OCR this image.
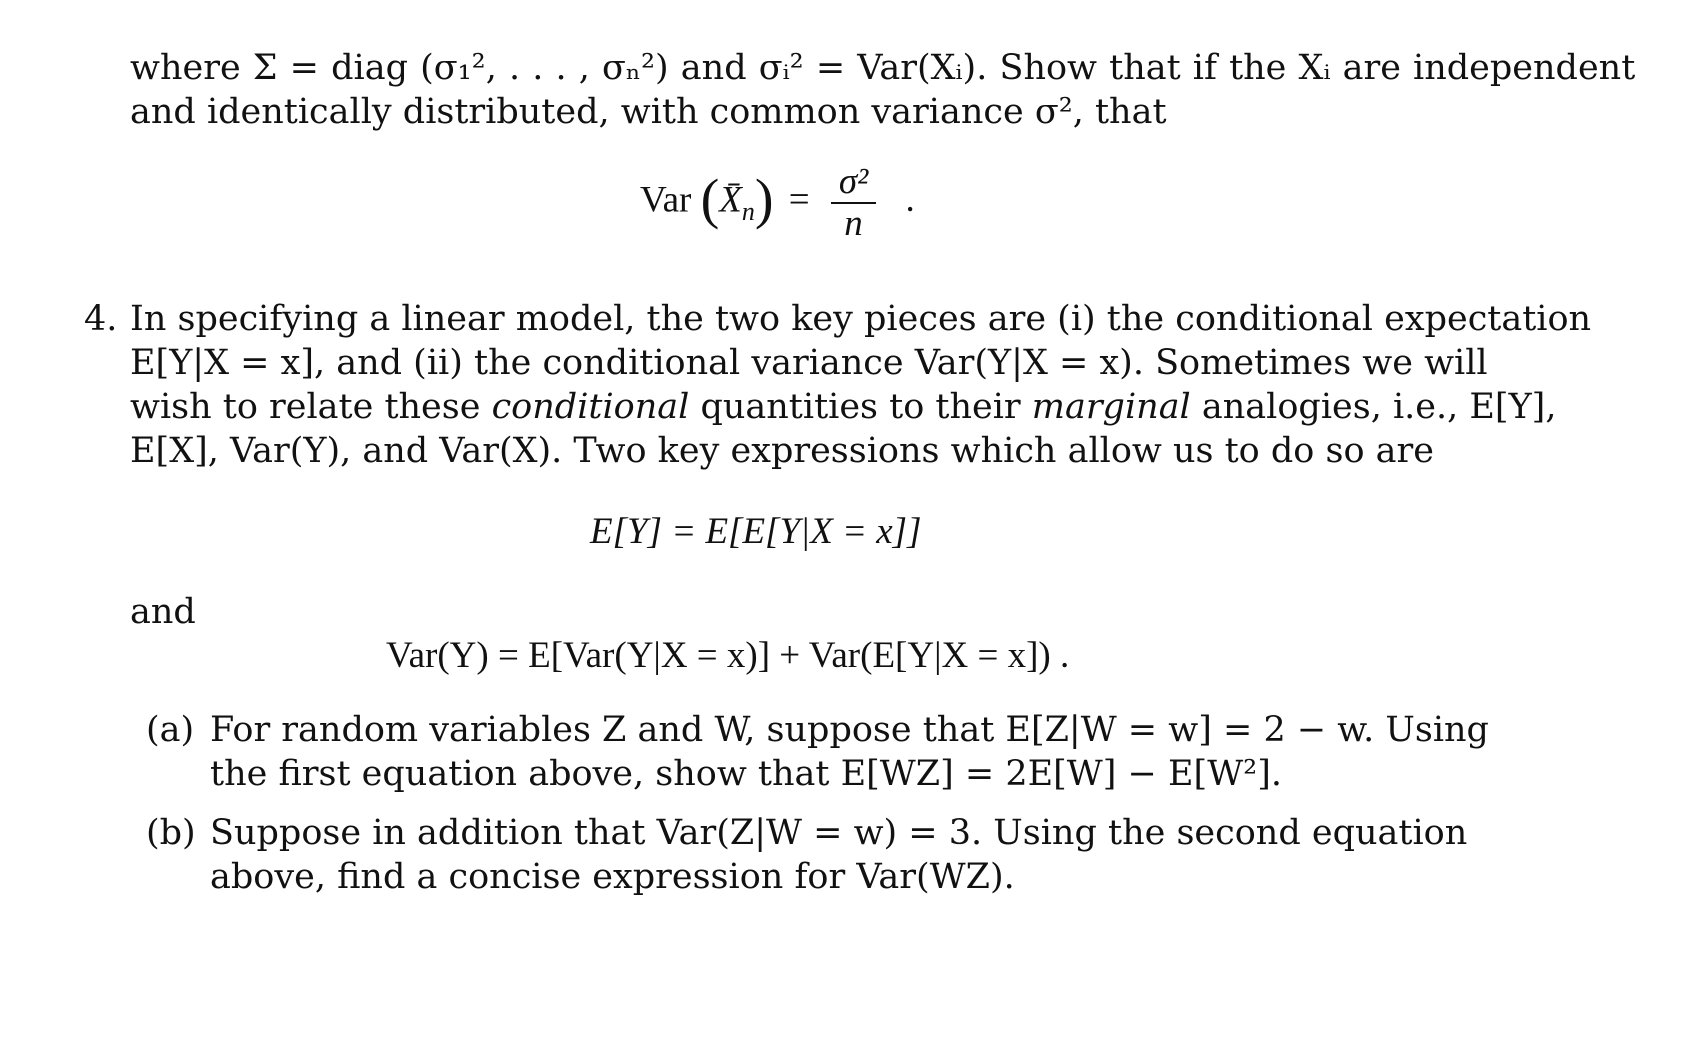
where Σ = diag (σ₁², . . . , σₙ²) and σᵢ² = Var(Xᵢ). Show that if the Xᵢ are independent
and identically distributed, with common variance σ², that
Var $(X̄_n) = \frac{\text{σ²}}{n}$ .
4. In specifying a linear model, the two key pieces are (i) the conditional expectation
E[Y|X = x], and (ii) the conditional variance Var(Y|X = x). Sometimes we will
wish to relate these conditional quantities to their marginal analogies, i.e., E[Y],
E[X], Var(Y), and Var(X). Two key expressions which allow us to do so are
E[Y] = E[E[Y|X = x]]
and
Var(Y) = E[Var(Y|X = x)] + Var(E[Y|X = x]) .
(a) For random variables Z and W, suppose that E[Z|W = w] = 2 − w. Using
the first equation above, show that E[WZ] = 2E[W] − E[W²].
(b) Suppose in addition that Var(Z|W = w) = 3. Using the second equation
above, find a concise expression for Var(WZ).
